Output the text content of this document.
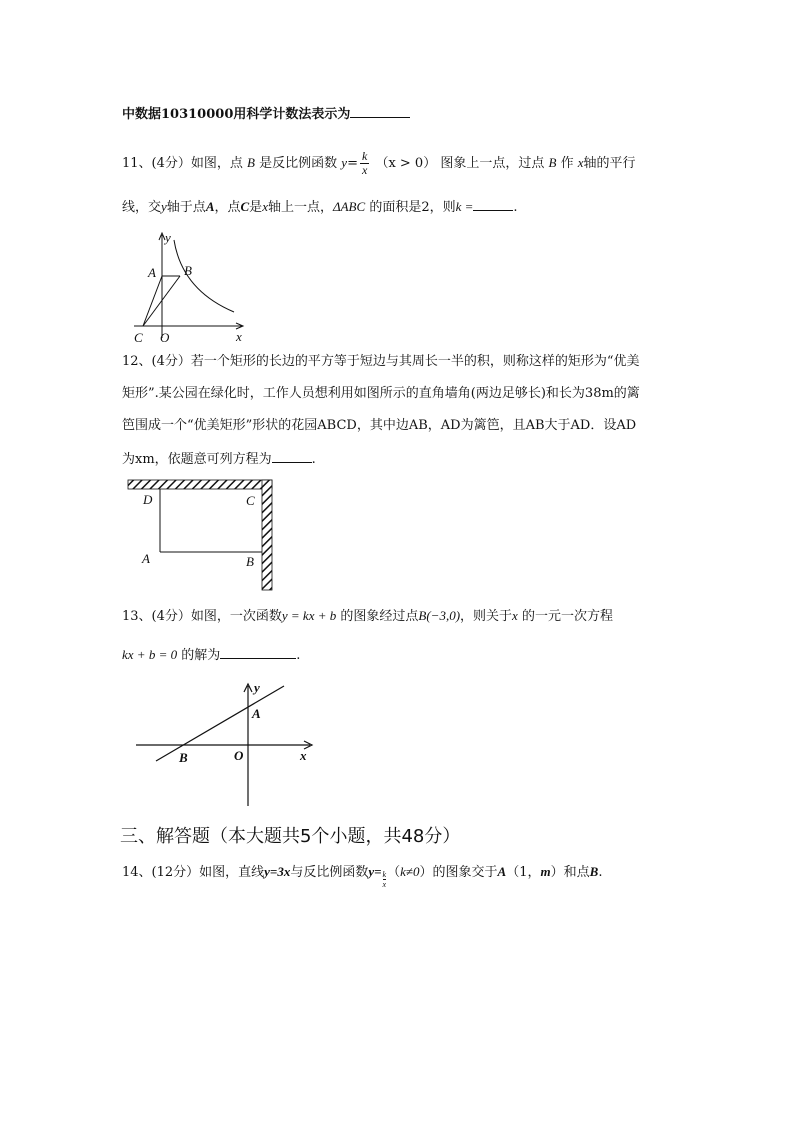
中数据10310000用科学计数法表示为
11、(4分）如图，点 B 是反比例函数 $y= \frac{k}{x} (x > 0)$ 图象上一点，过点 B 作 x轴的平行
线，交y轴于点A，点C是x轴上一点，ΔABC 的面积是2，则k =	.
y
x
A B
C O
12、(4分）若一个矩形的长边的平方等于短边与其周长一半的积，则称这样的矩形为“优美
矩形”.某公园在绿化时，工作人员想利用如图所示的直角墙角(两边足够长)和长为38m的篱
笆围成一个“优美矩形”形状的花园ABCD，其中边AB，AD为篱笆，且AB大于AD．设AD
为xm，依题意可列方程为	.
D	C
A	B
13、(4分）如图，一次函数y = kx + b 的图象经过点B(−3,0)，则关于x 的一元一次方程
kx + b = 0 的解为	.
y
x
A
B	O
三、解答题（本大题共5个小题，共48分）
14、(12分）如图，直线y=3x与反比例函数$y= \frac{k}{x}(k\ne 0)$的图象交于A（1，m）和点B.
